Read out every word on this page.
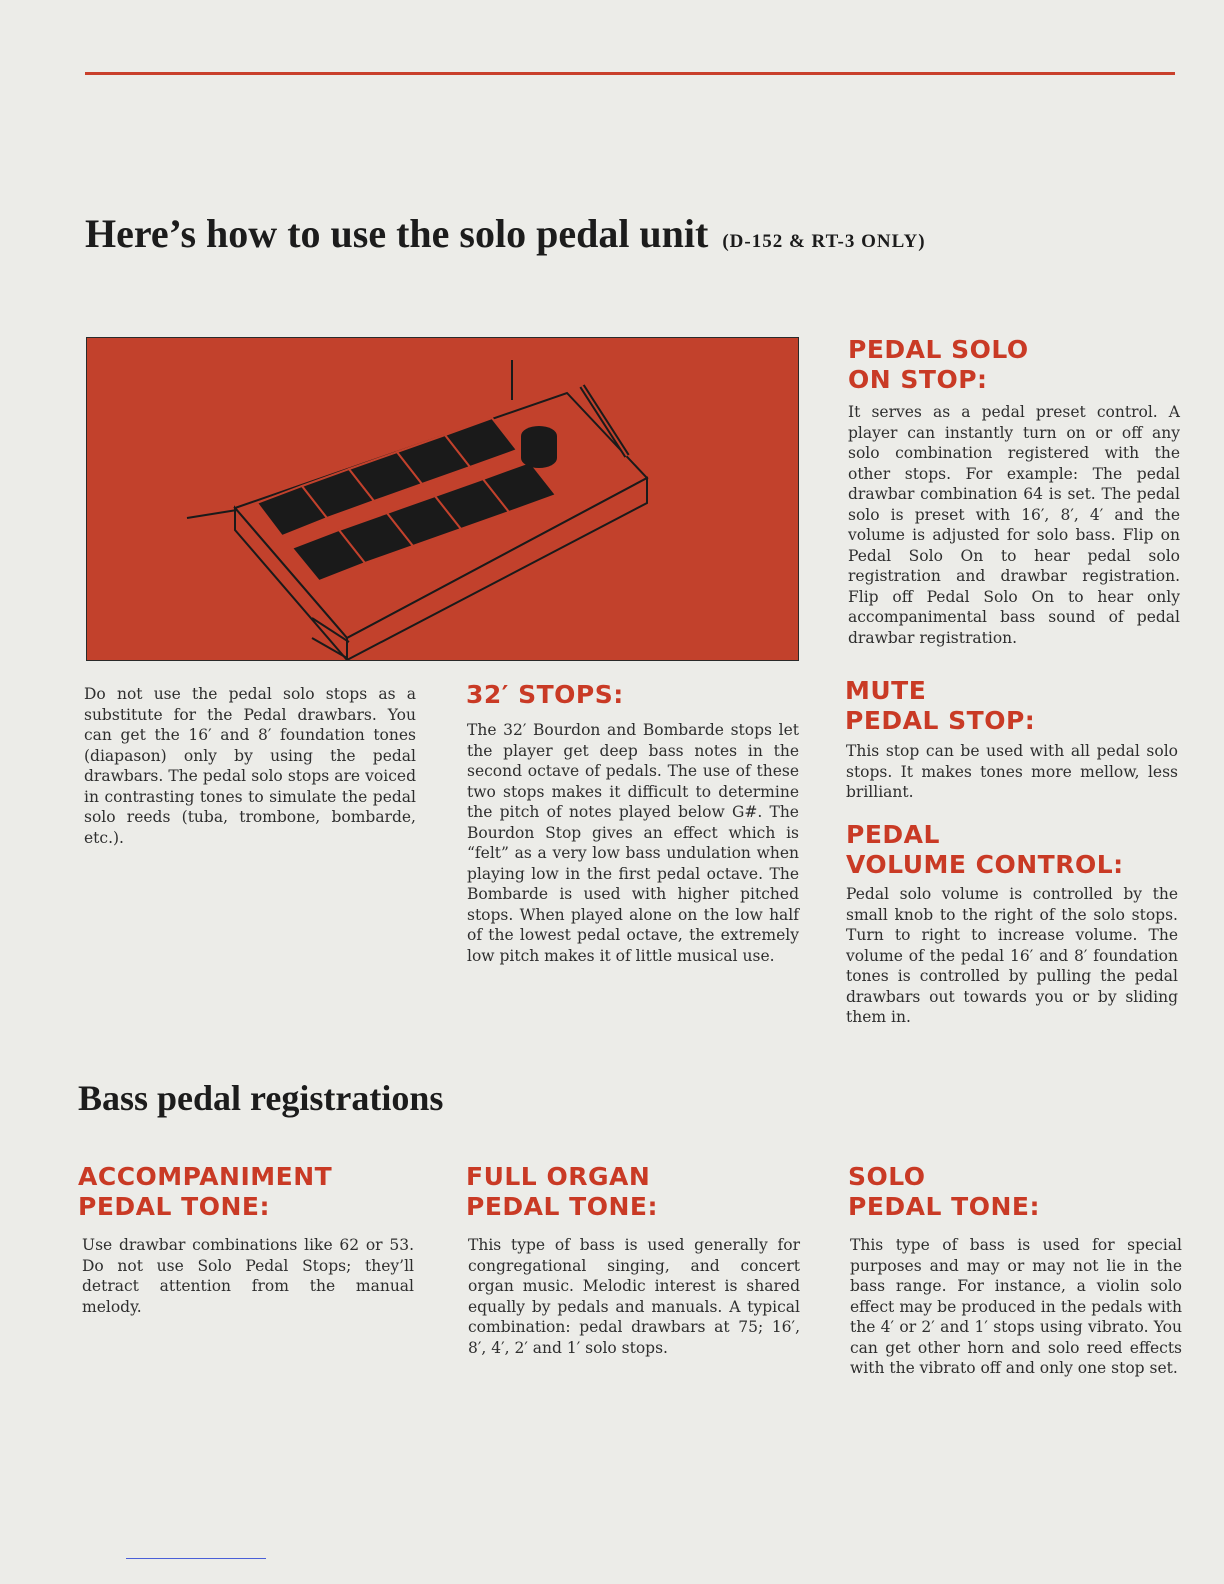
Here’s how to use the solo pedal unit (D-152 & RT-3 ONLY)

Do not use the pedal solo stops as a substitute for the Pedal drawbars. You can get the 16′ and 8′ foundation tones (diapason) only by using the pedal drawbars. The pedal solo stops are voiced in contrasting tones to simulate the pedal solo reeds (tuba, trombone, bombarde, etc.).

32′ STOPS:

The 32′ Bourdon and Bombarde stops let the player get deep bass notes in the second octave of pedals. The use of these two stops makes it difficult to determine the pitch of notes played below G#. The Bourdon Stop gives an effect which is “felt” as a very low bass undulation when playing low in the first pedal octave. The Bombarde is used with higher pitched stops. When played alone on the low half of the lowest pedal octave, the extremely low pitch makes it of little musical use.

PEDAL SOLO
ON STOP:

It serves as a pedal preset control. A player can instantly turn on or off any solo combination registered with the other stops. For example: The pedal drawbar combination 64 is set. The pedal solo is preset with 16′, 8′, 4′ and the volume is adjusted for solo bass. Flip on Pedal Solo On to hear pedal solo registration and drawbar registration. Flip off Pedal Solo On to hear only accompanimental bass sound of pedal drawbar registration.

MUTE
PEDAL STOP:

This stop can be used with all pedal solo stops. It makes tones more mellow, less brilliant.

PEDAL
VOLUME CONTROL:

Pedal solo volume is controlled by the small knob to the right of the solo stops. Turn to right to increase volume. The volume of the pedal 16′ and 8′ foundation tones is controlled by pulling the pedal drawbars out towards you or by sliding them in.

Bass pedal registrations
ACCOMPANIMENT
PEDAL TONE:

Use drawbar combinations like 62 or 53. Do not use Solo Pedal Stops; they’ll detract attention from the manual melody.

FULL ORGAN
PEDAL TONE:

This type of bass is used generally for congregational singing, and concert organ music. Melodic interest is shared equally by pedals and manuals. A typical combination: pedal drawbars at 75; 16′, 8′, 4′, 2′ and 1′ solo stops.

SOLO
PEDAL TONE:

This type of bass is used for special purposes and may or may not lie in the bass range. For instance, a violin solo effect may be produced in the pedals with the 4′ or 2′ and 1′ stops using vibrato. You can get other horn and solo reed effects with the vibrato off and only one stop set.
